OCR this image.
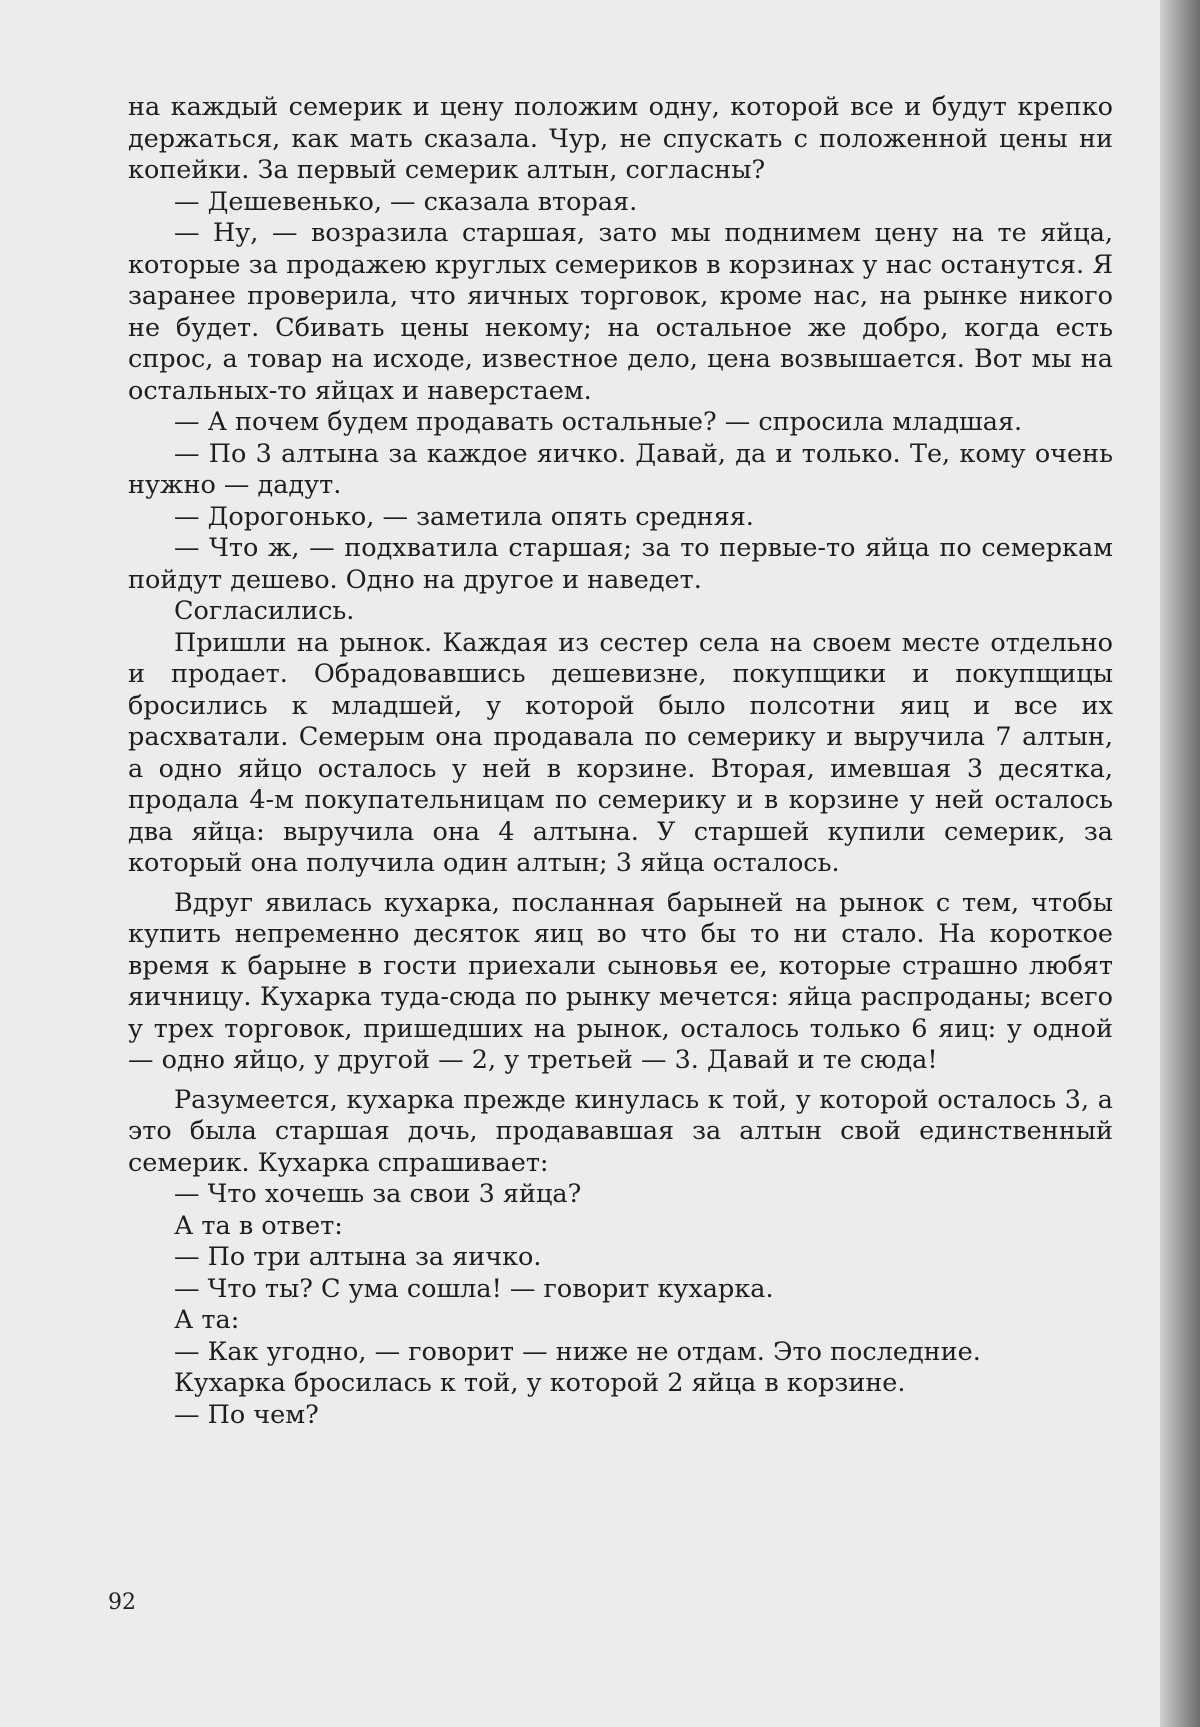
на каждый семерик и цену положим одну, которой все и будут крепко держаться, как мать сказала. Чур, не спускать с положенной цены ни копейки. За первый семерик алтын, согласны?

— Дешевенько, — сказала вторая.

— Ну, — возразила старшая, зато мы поднимем цену на те яйца, которые за продажею круглых семериков в корзинах у нас останутся. Я заранее проверила, что яичных торговок, кроме нас, на рынке никого не будет. Сбивать цены некому; на остальное же добро, когда есть спрос, а товар на исходе, известное дело, цена возвышается. Вот мы на остальных-то яйцах и наверстаем.

— А почем будем продавать остальные? — спросила младшая.

— По 3 алтына за каждое яичко. Давай, да и только. Те, кому очень нужно — дадут.

— Дорогонько, — заметила опять средняя.

— Что ж, — подхватила старшая; за то первые-то яйца по семеркам пойдут дешево. Одно на другое и наведет.

Согласились.

Пришли на рынок. Каждая из сестер села на своем месте отдельно и продает. Обрадовавшись дешевизне, покупщики и покупщицы бросились к младшей, у которой было полсотни яиц и все их расхватали. Семерым она продавала по семерику и выручила 7 алтын, а одно яйцо осталось у ней в корзине. Вторая, имевшая 3 десятка, продала 4-м покупательницам по семерику и в корзине у ней осталось два яйца: выручила она 4 алтына. У старшей купили семерик, за который она получила один алтын; 3 яйца осталось.

Вдруг явилась кухарка, посланная барыней на рынок с тем, чтобы купить непременно десяток яиц во что бы то ни стало. На короткое время к барыне в гости приехали сыновья ее, которые страшно любят яичницу. Кухарка туда-сюда по рынку мечется: яйца распроданы; всего у трех торговок, пришедших на рынок, осталось только 6 яиц: у одной — одно яйцо, у другой — 2, у третьей — 3. Давай и те сюда!

Разумеется, кухарка прежде кинулась к той, у которой осталось 3, а это была старшая дочь, продававшая за алтын свой единственный семерик. Кухарка спрашивает:

— Что хочешь за свои 3 яйца?

А та в ответ:

— По три алтына за яичко.

— Что ты? С ума сошла! — говорит кухарка.

А та:

— Как угодно, — говорит — ниже не отдам. Это последние.

Кухарка бросилась к той, у которой 2 яйца в корзине.

— По чем?

92
